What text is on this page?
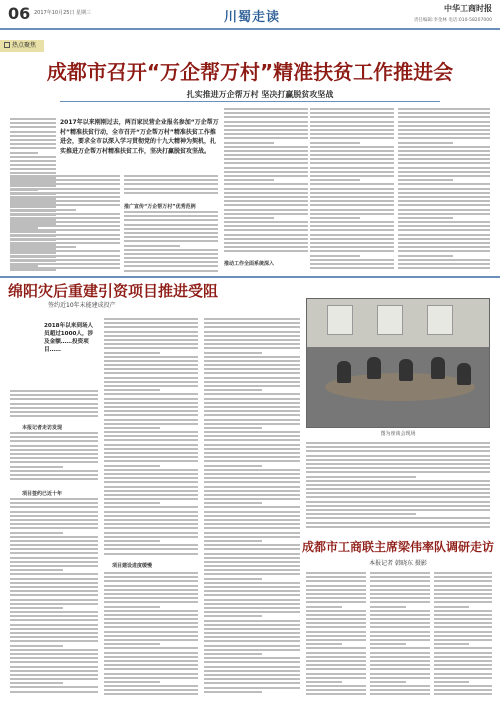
06 2017年10月25日 星期三	川蜀走读
中华工商时报
责任编辑:李金林 电话:010-58207000
热点聚焦
成都市召开“万企帮万村”精准扶贫工作推进会
扎实推进万企帮万村 坚决打赢脱贫攻坚战
2017年以来刚刚过去，两百家民营企业报名参加“万企帮万村”精准扶贫行动，全市召开“万企帮万村”精准扶贫工作推进会，要求全市以深入学习贯彻党的十九大精神为契机，扎实推进万企帮万村精准扶贫工作，坚决打赢脱贫攻坚战。
推广宣传“万企帮万村”优秀范例
推动工作全面系统深入
绵阳灾后重建引资项目推进受阻
签约近10年未能建成投产
2018年以来到场人员超过1000人，涉及金额……投资项目……
本报记者走访发现
项目签约已近十年
项目建设进度缓慢
图为座谈会现场
成都市工商联主席梁伟率队调研走访
本报记者 韩晓东 摄影
